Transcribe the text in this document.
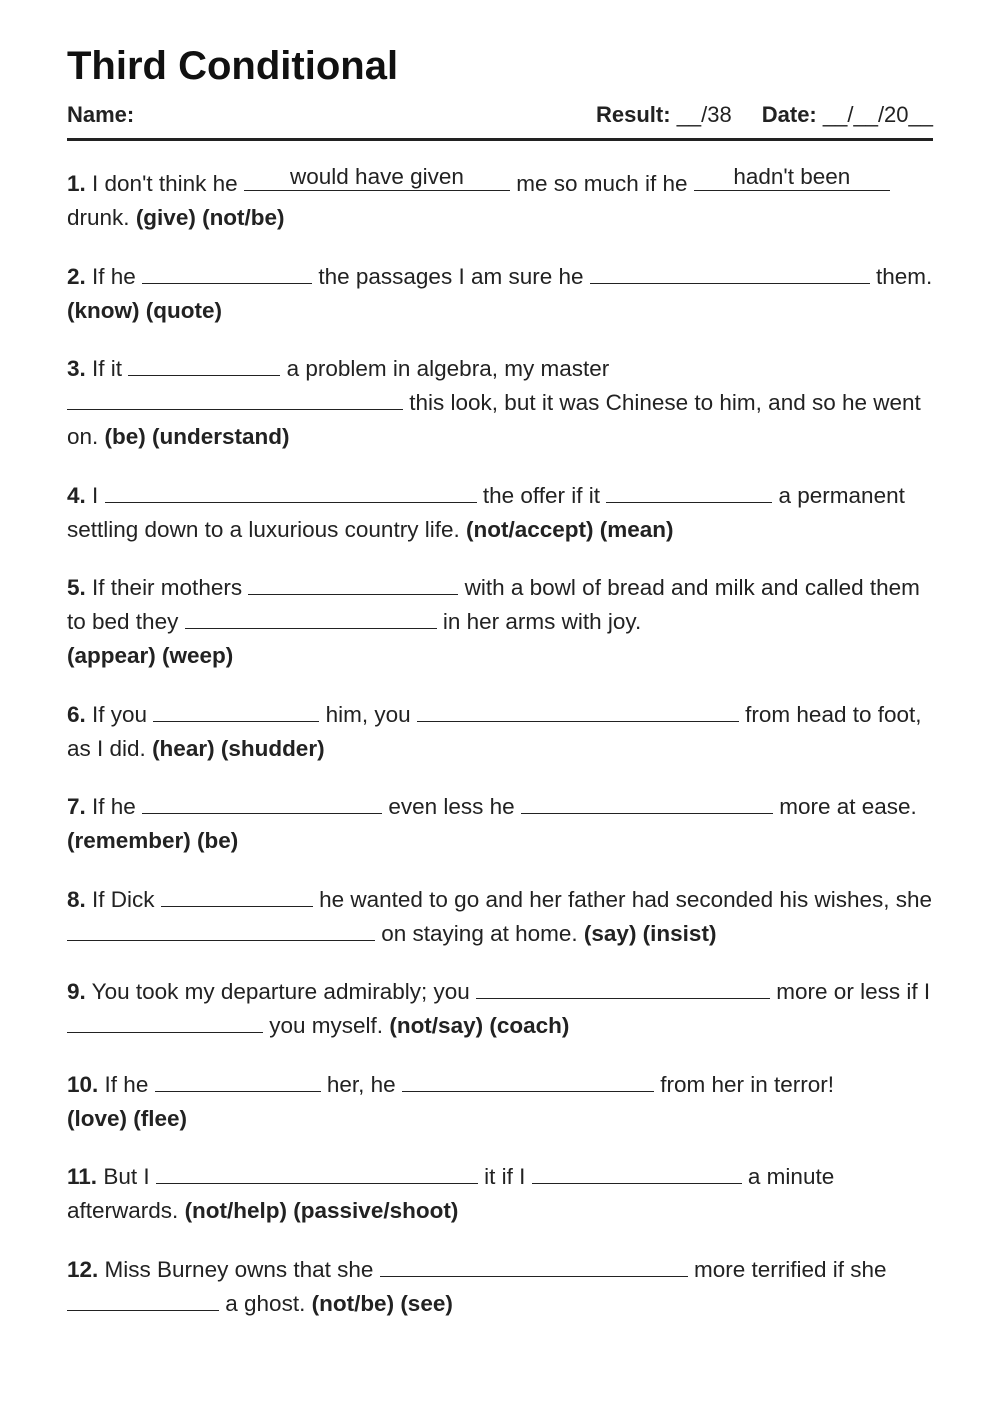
Third Conditional
Name:	Result: __/38 Date: __/__/20__
1. I don't think he	would have given	me so much if he	hadn't been
drunk. (give) (not/be)
2. If he	the passages I am sure he	them. (know) (quote)
3. If it	a problem in algebra, my master  this look, but it was Chinese to him, and so he went on. (be) (understand)
4. I	the offer if it	a permanent settling down to a luxurious country life. (not/accept) (mean)
5. If their mothers	with a bowl of bread and milk and called them to bed they	in her arms with joy.
(appear) (weep)
6. If you	him, you	from head to foot, as I did. (hear) (shudder)
7. If he	even less he	more at ease. (remember) (be)
8. If Dick	he wanted to go and her father had seconded his wishes, she  on staying at home. (say) (insist)
9. You took my departure admirably; you	more or less if I  you myself. (not/say) (coach)
10. If he	her, he	from her in terror!
(love) (flee)
11. But I	it if I	a minute afterwards. (not/help) (passive/shoot)
12. Miss Burney owns that she	more terrified if she  a ghost. (not/be) (see)
